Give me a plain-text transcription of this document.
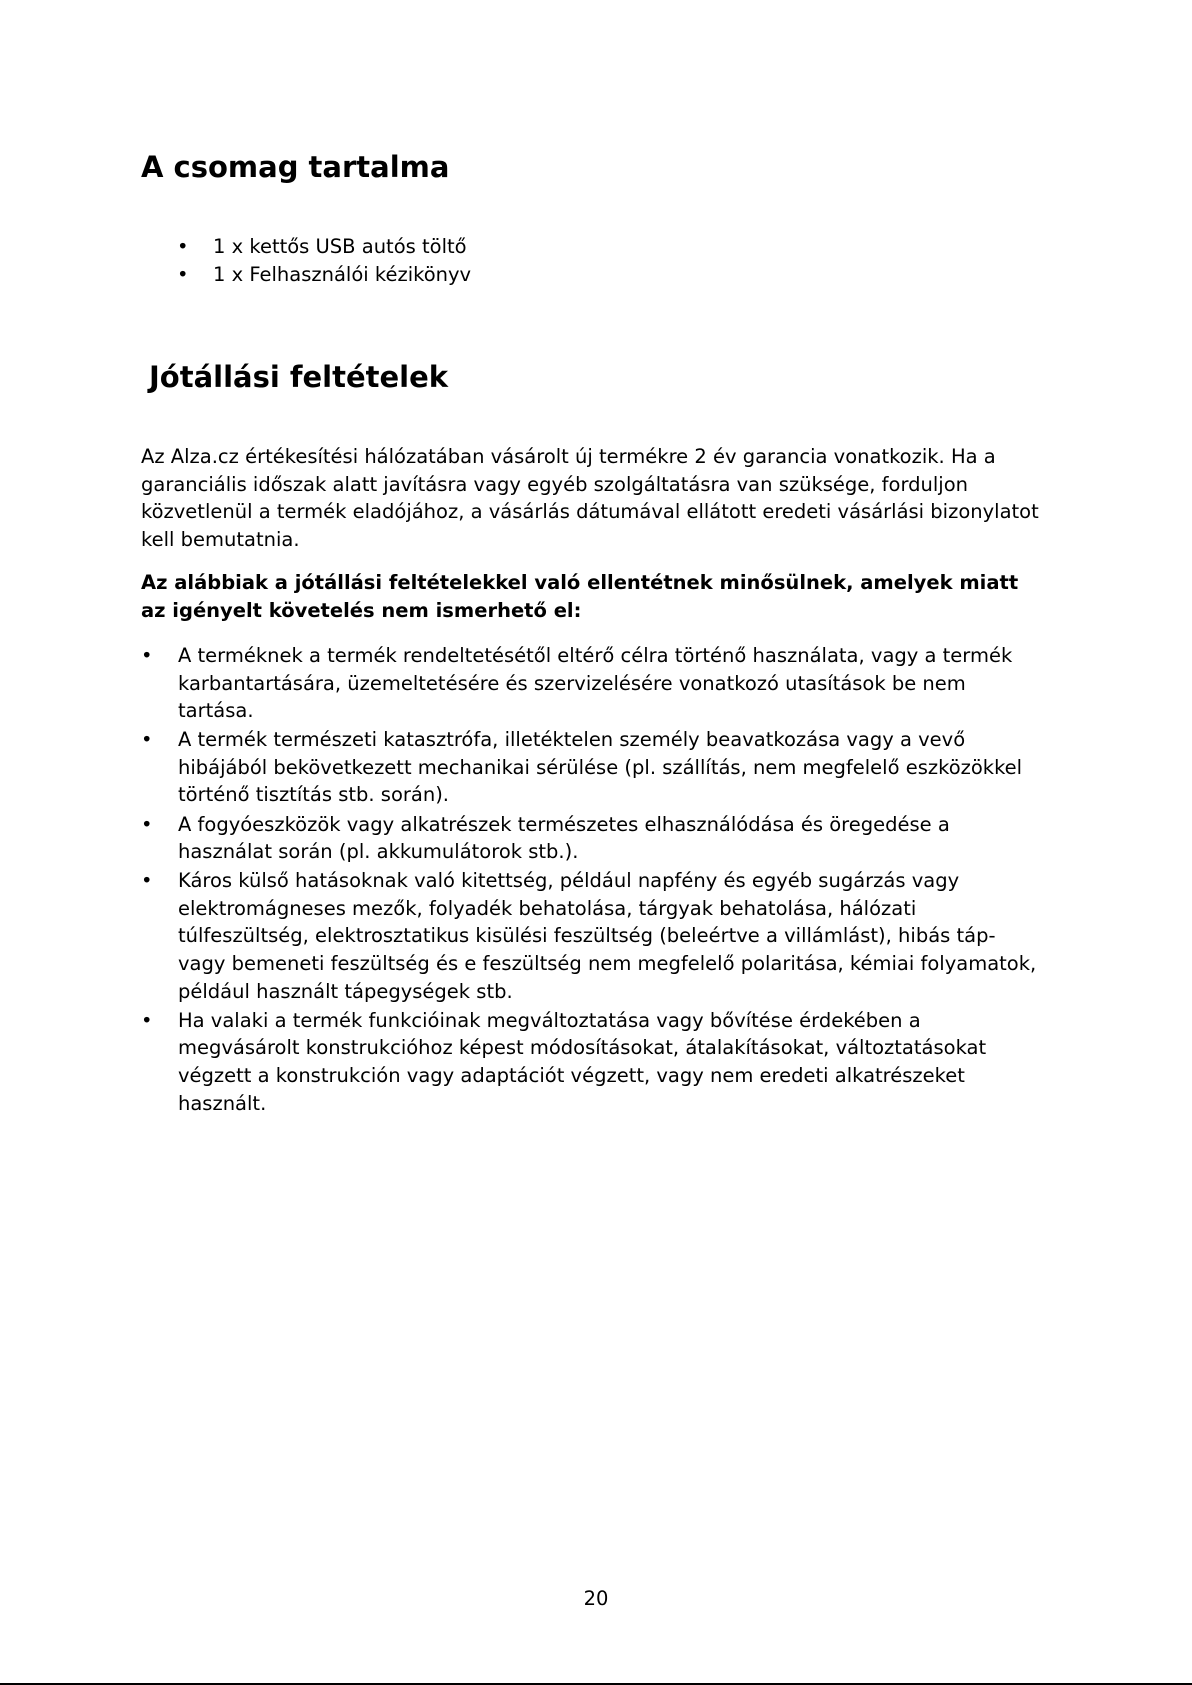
A csomag tartalma
• 1 x kettős USB autós töltő
• 1 x Felhasználói kézikönyv
Jótállási feltételek

Az Alza.cz értékesítési hálózatában vásárolt új termékre 2 év garancia vonatkozik. Ha a garanciális időszak alatt javításra vagy egyéb szolgáltatásra van szüksége, forduljon közvetlenül a termék eladójához, a vásárlás dátumával ellátott eredeti vásárlási bizonylatot kell bemutatnia.

Az alábbiak a jótállási feltételekkel való ellentétnek minősülnek, amelyek miatt az igényelt követelés nem ismerhető el:

• A terméknek a termék rendeltetésétől eltérő célra történő használata, vagy a termék karbantartására, üzemeltetésére és szervizelésére vonatkozó utasítások be nem tartása.
• A termék természeti katasztrófa, illetéktelen személy beavatkozása vagy a vevő hibájából bekövetkezett mechanikai sérülése (pl. szállítás, nem megfelelő eszközökkel történő tisztítás stb. során).
• A fogyóeszközök vagy alkatrészek természetes elhasználódása és öregedése a használat során (pl. akkumulátorok stb.).
• Káros külső hatásoknak való kitettség, például napfény és egyéb sugárzás vagy elektromágneses mezők, folyadék behatolása, tárgyak behatolása, hálózati túlfeszültség, elektrosztatikus kisülési feszültség (beleértve a villámlást), hibás táp- vagy bemeneti feszültség és e feszültség nem megfelelő polaritása, kémiai folyamatok, például használt tápegységek stb.
• Ha valaki a termék funkcióinak megváltoztatása vagy bővítése érdekében a megvásárolt konstrukcióhoz képest módosításokat, átalakításokat, változtatásokat végzett a konstrukción vagy adaptációt végzett, vagy nem eredeti alkatrészeket használt.
20
